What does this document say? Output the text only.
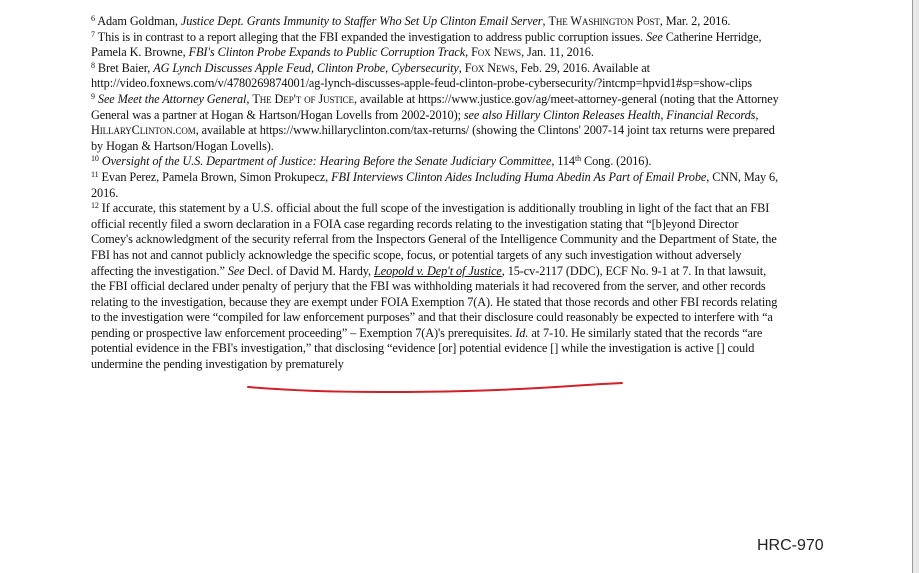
$^6$ Adam Goldman, Justice Dept. Grants Immunity to Staffer Who Set Up Clinton Email Server, The Washington Post, Mar. 2, 2016.

$^7$ This is in contrast to a report alleging that the FBI expanded the investigation to address public corruption issues. See Catherine Herridge, Pamela K. Browne, FBI's Clinton Probe Expands to Public Corruption Track, Fox News, Jan. 11, 2016.

$^8$ Bret Baier, AG Lynch Discusses Apple Feud, Clinton Probe, Cybersecurity, Fox News, Feb. 29, 2016. Available at http://video.foxnews.com/v/4780269874001/ag-lynch-discusses-apple-feud-clinton-probe-cybersecurity/?intcmp=hpvid1#sp=show-clips

$^9$ See Meet the Attorney General, The Dep't of Justice, available at https://www.justice.gov/ag/meet-attorney-general (noting that the Attorney General was a partner at Hogan & Hartson/Hogan Lovells from 2002-2010); see also Hillary Clinton Releases Health, Financial Records, HillaryClinton.com, available at https://www.hillaryclinton.com/tax-returns/ (showing the Clintons' 2007-14 joint tax returns were prepared by Hogan & Hartson/Hogan Lovells).

$^{10}$ Oversight of the U.S. Department of Justice: Hearing Before the Senate Judiciary Committee, 114th Cong. (2016).

$^{11}$ Evan Perez, Pamela Brown, Simon Prokupecz, FBI Interviews Clinton Aides Including Huma Abedin As Part of Email Probe, CNN, May 6, 2016.

$^{12}$ If accurate, this statement by a U.S. official about the full scope of the investigation is additionally troubling in light of the fact that an FBI official recently filed a sworn declaration in a FOIA case regarding records relating to the investigation stating that “[b]eyond Director Comey's acknowledgment of the security referral from the Inspectors General of the Intelligence Community and the Department of State, the FBI has not and cannot publicly acknowledge the specific scope, focus, or potential targets of any such investigation without adversely affecting the investigation.” See Decl. of David M. Hardy, Leopold v. Dep't of Justice, 15-cv-2117 (DDC), ECF No. 9-1 at 7. In that lawsuit, the FBI official declared under penalty of perjury that the FBI was withholding materials it had recovered from the server, and other records relating to the investigation, because they are exempt under FOIA Exemption 7(A). He stated that those records and other FBI records relating to the investigation were “compiled for law enforcement purposes” and that their disclosure could reasonably be expected to interfere with “a pending or prospective law enforcement proceeding” – Exemption 7(A)'s prerequisites. Id. at 7-10. He similarly stated that the records “are potential evidence in the FBI's investigation,” that disclosing “evidence [or] potential evidence [] while the investigation is active [] could undermine the pending investigation by prematurely

HRC-970
